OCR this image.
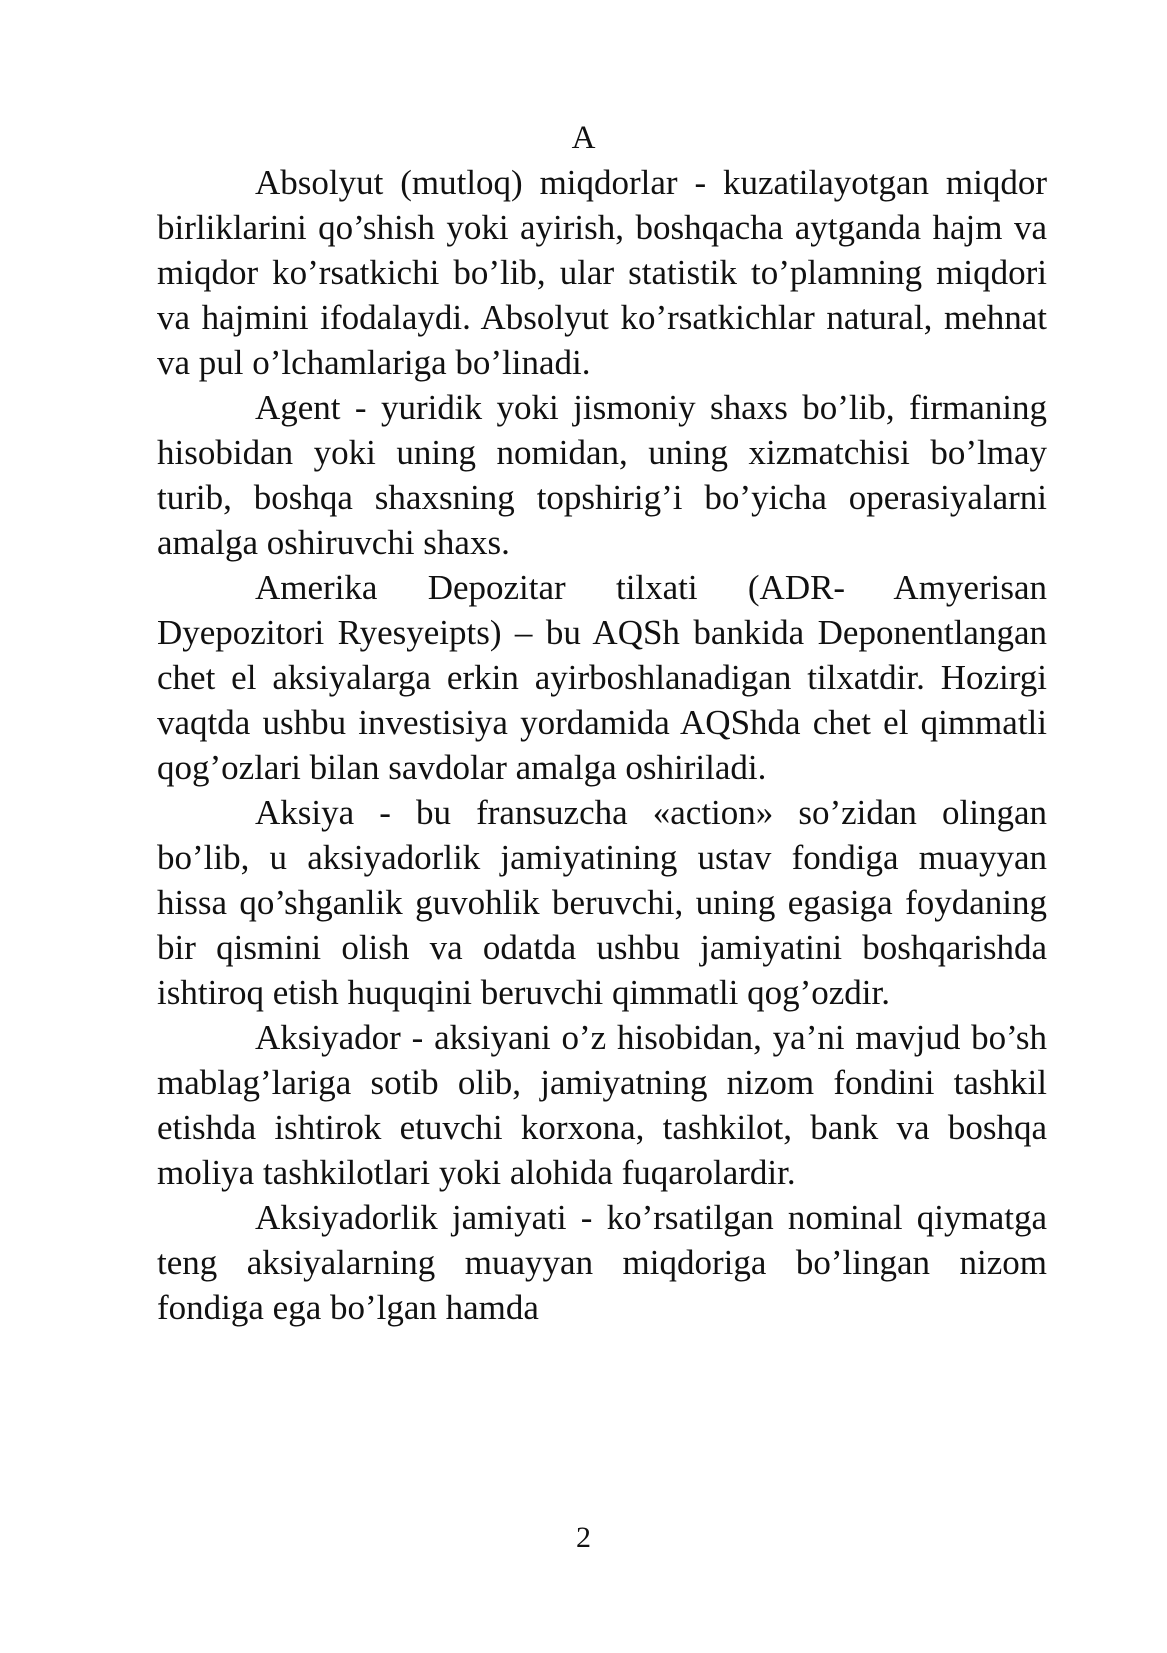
A

Absolyut (mutloq) miqdorlar - kuzatilayotgan miqdor birliklarini qo’shish yoki ayirish, boshqacha aytganda hajm va miqdor ko’rsatkichi bo’lib, ular statistik to’plamning miqdori va hajmini ifodalaydi. Absolyut ko’rsatkichlar natural, mehnat va pul o’lchamlariga bo’linadi.

Agent - yuridik yoki jismoniy shaxs bo’lib, firmaning hisobidan yoki uning nomidan, uning xizmatchisi bo’lmay turib, boshqa shaxsning topshirig’i bo’yicha operasiyalarni amalga oshiruvchi shaxs.

Amerika Depozitar tilxati (ADR- Amyerisan Dyepozitori Ryesyeipts) – bu AQSh bankida Deponentlangan chet el aksiyalarga erkin ayirboshlanadigan tilxatdir. Hozirgi vaqtda ushbu investisiya yordamida AQShda chet el qimmatli qog’ozlari bilan savdolar amalga oshiriladi.

Aksiya - bu fransuzcha «action» so’zidan olingan bo’lib, u aksiyadorlik jamiyatining ustav fondiga muayyan hissa qo’shganlik guvohlik beruvchi, uning egasiga foydaning bir qismini olish va odatda ushbu jamiyatini boshqarishda ishtiroq etish huquqini beruvchi qimmatli qog’ozdir.

Aksiyador - aksiyani o’z hisobidan, ya’ni mavjud bo’sh mablag’lariga sotib olib, jamiyatning nizom fondini tashkil etishda ishtirok etuvchi korxona, tashkilot, bank va boshqa moliya tashkilotlari yoki alohida fuqarolardir.

Aksiyadorlik jamiyati - ko’rsatilgan nominal qiymatga teng aksiyalarning muayyan miqdoriga bo’lingan nizom fondiga ega bo’lgan hamda

2
